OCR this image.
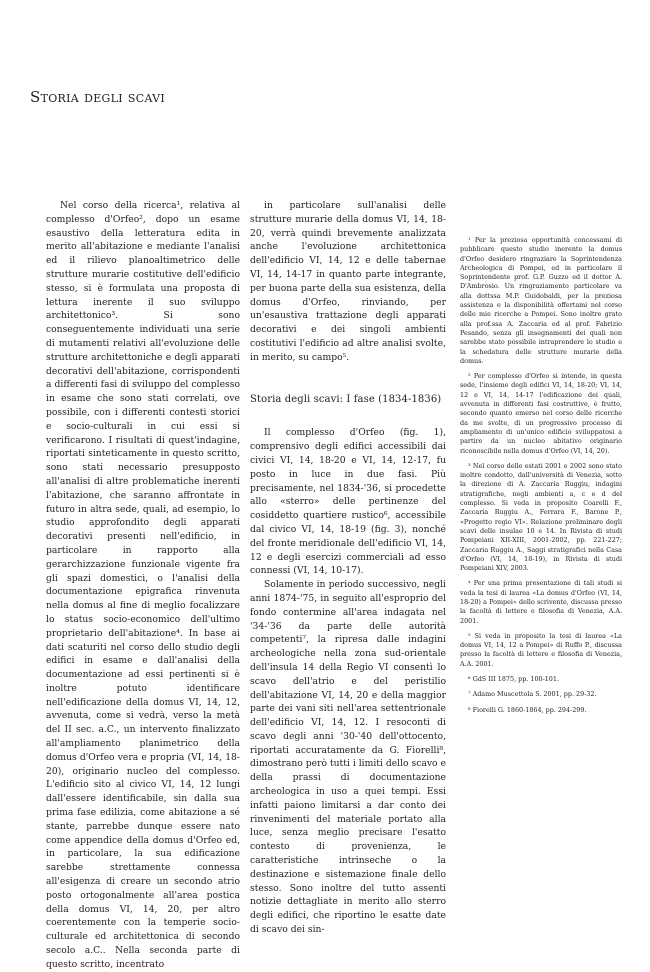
Storia degli scavi

Nel corso della ricerca¹, relativa al complesso d'Orfeo², dopo un esame esaustivo della letteratura edita in merito all'abitazione e mediante l'analisi ed il rilievo planoaltimetrico delle strutture murarie costitutive dell'edificio stesso, si è formulata una proposta di lettura inerente il suo sviluppo architettonico³. Si sono conseguentemente individuati una serie di mutamenti relativi all'evoluzione delle strutture architettoniche e degli apparati decorativi dell'abitazione, corrispondenti a differenti fasi di sviluppo del complesso in esame che sono stati correlati, ove possibile, con i differenti contesti storici e socio-culturali in cui essi si verificarono. I risultati di quest'indagine, riportati sinteticamente in questo scritto, sono stati necessario presupposto all'analisi di altre problematiche inerenti l'abitazione, che saranno affrontate in futuro in altra sede, quali, ad esempio, lo studio approfondito degli apparati decorativi presenti nell'edificio, in particolare in rapporto alla gerarchizzazione funzionale vigente fra gli spazi domestici, o l'analisi della documentazione epigrafica rinvenuta nella domus al fine di meglio focalizzare lo status socio-economico dell'ultimo proprietario dell'abitazione⁴. In base ai dati scaturiti nel corso dello studio degli edifici in esame e dall'analisi della documentazione ad essi pertinenti si è inoltre potuto identificare nell'edificazione della domus VI, 14, 12, avvenuta, come si vedrà, verso la metà del II sec. a.C., un intervento finalizzato all'ampliamento planimetrico della domus d'Orfeo vera e propria (VI, 14, 18-20), originario nucleo del complesso. L'edificio sito al civico VI, 14, 12 lungi dall'essere identificabile, sin dalla sua prima fase edilizia, come abitazione a sé stante, parrebbe dunque essere nato come appendice della domus d'Orfeo ed, in particolare, la sua edificazione sarebbe strettamente connessa all'esigenza di creare un secondo atrio posto ortogonalmente all'area postica della domus VI, 14, 20, per altro coerentemente con la temperie socio-culturale ed architettonica di secondo secolo a.C.. Nella seconda parte di questo scritto, incentrato

in particolare sull'analisi delle strutture murarie della domus VI, 14, 18-20, verrà quindi brevemente analizzata anche l'evoluzione architettonica dell'edificio VI, 14, 12 e delle tabernae VI, 14, 14-17 in quanto parte integrante, per buona parte della sua esistenza, della domus d'Orfeo, rinviando, per un'esaustiva trattazione degli apparati decorativi e dei singoli ambienti costitutivi l'edificio ad altre analisi svolte, in merito, su campo⁵.

Storia degli scavi: I fase (1834-1836)

Il complesso d'Orfeo (fig. 1), comprensivo degli edifici accessibili dai civici VI, 14, 18-20 e VI, 14, 12-17, fu posto in luce in due fasi. Più precisamente, nel 1834-'36, si procedette allo «sterro» delle pertinenze del cosiddetto quartiere rustico⁶, accessibile dal civico VI, 14, 18-19 (fig. 3), nonché del fronte meridionale dell'edificio VI, 14, 12 e degli esercizi commerciali ad esso connessi (VI, 14, 10-17).

Solamente in periodo successivo, negli anni 1874-'75, in seguito all'esproprio del fondo contermine all'area indagata nel '34-'36 da parte delle autorità competenti⁷, la ripresa dalle indagini archeologiche nella zona sud-orientale dell'insula 14 della Regio VI consentì lo scavo dell'atrio e del peristilio dell'abitazione VI, 14, 20 e della maggior parte dei vani siti nell'area settentrionale dell'edificio VI, 14, 12. I resoconti di scavo degli anni '30-'40 dell'ottocento, riportati accuratamente da G. Fiorelli⁸, dimostrano però tutti i limiti dello scavo e della prassi di documentazione archeologica in uso a quei tempi. Essi infatti paiono limitarsi a dar conto dei rinvenimenti del materiale portato alla luce, senza meglio precisare l'esatto contesto di provenienza, le caratteristiche intrinseche o la destinazione e sistemazione finale dello stesso. Sono inoltre del tutto assenti notizie dettagliate in merito allo sterro degli edifici, che riportino le esatte date di scavo dei sin-

¹ Per la preziosa opportunità concessami di pubblicare questo studio inerente la domus d'Orfeo desidero ringraziare la Soprintendenza Archeologica di Pompei, ed in particolare il Soprintendente prof. G.P. Guzzo ed il dottor A. D'Ambrosio. Un ringraziamento particolare va alla dottssa M.P. Guidobaldi, per la preziosa assistenza e la disponibilità offertami nel corso delle mie ricerche a Pompei. Sono inoltre grato alla prof.ssa A. Zaccaria ed al prof. Fabrizio Pesando, senza gli insegnamenti dei quali non sarebbe stato possibile intraprendere lo studio e la schedatura delle strutture murarie della domus.

² Per complesso d'Orfeo si intende, in questa sede, l'insieme degli edifici VI, 14, 18-20; VI, 14, 12 e VI, 14, 14-17 l'edificazione dei quali, avvenuta in differenti fasi costruttive, è frutto, secondo quanto emerso nel corso delle ricerche da me svolte, di un progressivo processo di ampliamento di un'unico edificio sviluppatosi a partire da un nucleo abitativo originario riconoscibile nella domus d'Orfeo (VI, 14, 20).

³ Nel corso delle estati 2001 e 2002 sono stato inoltre condotto, dall'università di Venezia, sotto la direzione di A. Zaccaria Ruggiu, indagini stratigrafiche, negli ambienti a, c e d del complesso. Si veda in proposito Coarelli F., Zaccaria Ruggiu A., Ferrara F., Barone P., «Progetto regio VI». Relazione preliminare degli scavi delle insulae 10 e 14. In Rivista di studi Pompeiani XII-XIII, 2001-2002, pp. 221-227; Zaccaria Ruggiu A., Saggi stratigrafici nella Casa d'Orfeo (VI, 14, 18-19), in Rivista di studi Pompeiani XIV, 2003.

⁴ Per una prima presentazione di tali studi si veda la tesi di laurea «La domus d'Orfeo (VI, 14, 18-20) a Pompei» dello scrivente, discussa presso la facoltà di lettere e filosofia di Venezia, A.A. 2001.

⁵ Si veda in proposito la tesi di laurea «La domus VI, 14, 12 a Pompei» di Ruffo P., discussa presso la facoltà di lettere e filosofia di Venezia, A.A. 2001.

⁶ GdS III 1875, pp. 100-101.

⁷ Adamo Muscettola S. 2001, pp. 29-32.

⁸ Fiorelli G. 1860-1864, pp. 294-299.
